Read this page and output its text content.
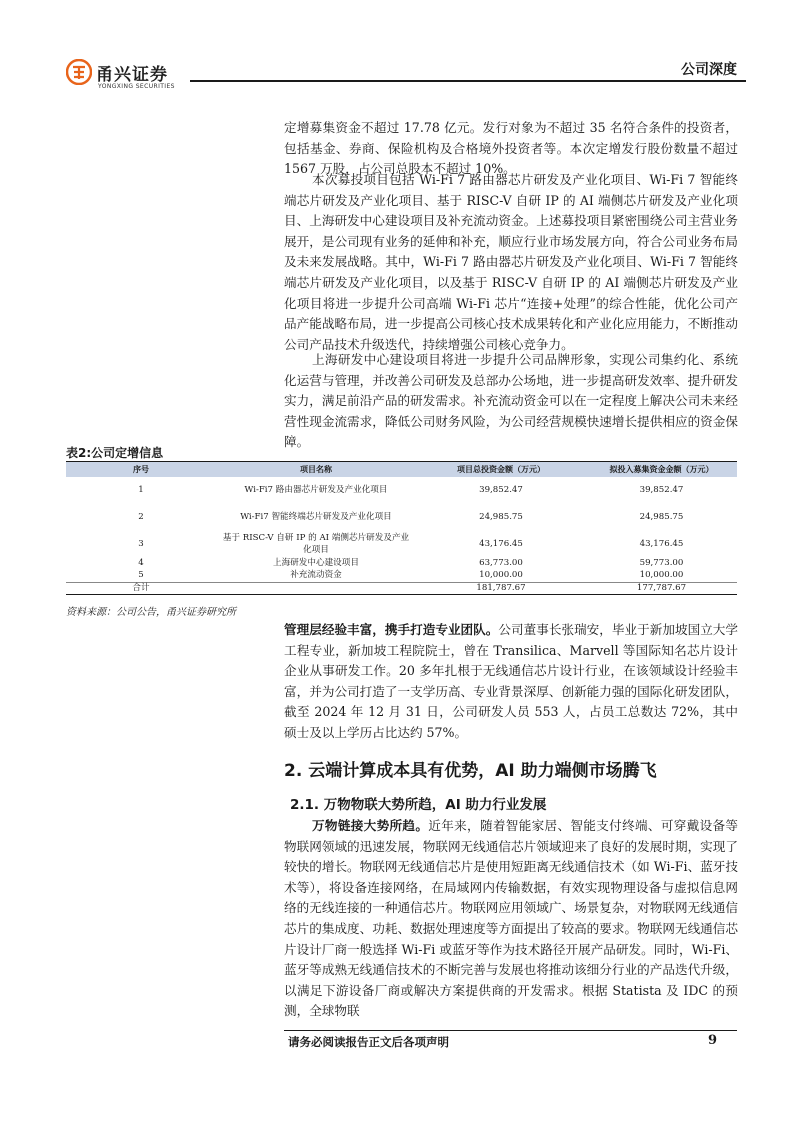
甬兴证券
YONGXING SECURITIES
公司深度

定增募集资金不超过 17.78 亿元。发行对象为不超过 35 名符合条件的投资者，包括基金、券商、保险机构及合格境外投资者等。本次定增发行股份数量不超过 1567 万股，占公司总股本不超过 10%。

本次募投项目包括 Wi-Fi 7 路由器芯片研发及产业化项目、Wi-Fi 7 智能终端芯片研发及产业化项目、基于 RISC-V 自研 IP 的 AI 端侧芯片研发及产业化项目、上海研发中心建设项目及补充流动资金。上述募投项目紧密围绕公司主营业务展开，是公司现有业务的延伸和补充，顺应行业市场发展方向，符合公司业务布局及未来发展战略。其中，Wi-Fi 7 路由器芯片研发及产业化项目、Wi-Fi 7 智能终端芯片研发及产业化项目，以及基于 RISC-V 自研 IP 的 AI 端侧芯片研发及产业化项目将进一步提升公司高端 Wi-Fi 芯片“连接+处理”的综合性能，优化公司产品产能战略布局，进一步提高公司核心技术成果转化和产业化应用能力，不断推动公司产品技术升级迭代，持续增强公司核心竞争力。

上海研发中心建设项目将进一步提升公司品牌形象，实现公司集约化、系统化运营与管理，并改善公司研发及总部办公场地，进一步提高研发效率、提升研发实力，满足前沿产品的研发需求。补充流动资金可以在一定程度上解决公司未来经营性现金流需求，降低公司财务风险，为公司经营规模快速增长提供相应的资金保障。

表2:公司定增信息
序号	项目名称	项目总投资金额（万元）	拟投入募集资金金额（万元）
1	Wi-Fi7 路由器芯片研发及产业化项目	39,852.47	39,852.47
2	Wi-Fi7 智能终端芯片研发及产业化项目	24,985.75	24,985.75
3	基于 RISC-V 自研 IP 的 AI 端侧芯片研发及产业化项目	43,176.45	43,176.45
4	上海研发中心建设项目	63,773.00	59,773.00
5	补充流动资金	10,000.00	10,000.00
合计		181,787.67	177,787.67
资料来源：公司公告，甬兴证券研究所

管理层经验丰富，携手打造专业团队。公司董事长张瑞安，毕业于新加坡国立大学工程专业，新加坡工程院院士，曾在 Transilica、Marvell 等国际知名芯片设计企业从事研发工作。20 多年扎根于无线通信芯片设计行业，在该领域设计经验丰富，并为公司打造了一支学历高、专业背景深厚、创新能力强的国际化研发团队，截至 2024 年 12 月 31 日，公司研发人员 553 人，占员工总数达 72%，其中硕士及以上学历占比达约 57%。

2. 云端计算成本具有优势，AI 助力端侧市场腾飞
2.1. 万物物联大势所趋，AI 助力行业发展

万物链接大势所趋。近年来，随着智能家居、智能支付终端、可穿戴设备等物联网领域的迅速发展，物联网无线通信芯片领域迎来了良好的发展时期，实现了较快的增长。物联网无线通信芯片是使用短距离无线通信技术（如 Wi-Fi、蓝牙技术等），将设备连接网络，在局域网内传输数据，有效实现物理设备与虚拟信息网络的无线连接的一种通信芯片。物联网应用领域广、场景复杂，对物联网无线通信芯片的集成度、功耗、数据处理速度等方面提出了较高的要求。物联网无线通信芯片设计厂商一般选择 Wi-Fi 或蓝牙等作为技术路径开展产品研发。同时，Wi-Fi、蓝牙等成熟无线通信技术的不断完善与发展也将推动该细分行业的产品迭代升级，以满足下游设备厂商或解决方案提供商的开发需求。根据 Statista 及 IDC 的预测，全球物联

请务必阅读报告正文后各项声明	9
